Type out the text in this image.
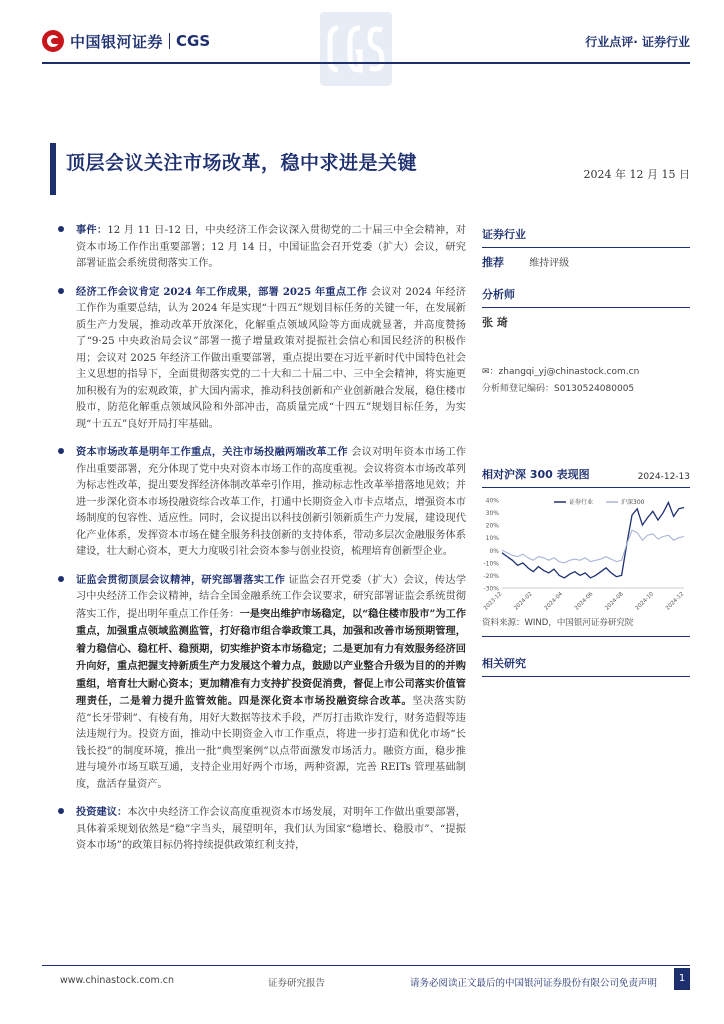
中国银河证券 CGS	行业点评· 证券行业
顶层会议关注市场改革，稳中求进是关键
2024 年 12 月 15 日
事件：12 月 11 日-12 日，中央经济工作会议深入贯彻党的二十届三中全会精神，对资本市场工作作出重要部署；12 月 14 日，中国证监会召开党委（扩大）会议，研究部署证监会系统贯彻落实工作。
经济工作会议肯定 2024 年工作成果，部署 2025 年重点工作 会议对 2024 年经济工作作为重要总结，认为 2024 年是实现“十四五”规划目标任务的关键一年，在发展新质生产力发展，推动改革开放深化，化解重点领域风险等方面成就显著，并高度赞扬了“9·25 中央政治局会议”部署一揽子增量政策对提振社会信心和国民经济的积极作用；会议对 2025 年经济工作做出重要部署，重点提出要在习近平新时代中国特色社会主义思想的指导下，全面贯彻落实党的二十大和二十届二中、三中全会精神，将实施更加积极有为的宏观政策，扩大国内需求，推动科技创新和产业创新融合发展，稳住楼市股市，防范化解重点领域风险和外部冲击，高质量完成“十四五”规划目标任务，为实现“十五五”良好开局打牢基础。
资本市场改革是明年工作重点，关注市场投融两端改革工作 会议对明年资本市场工作作出重要部署，充分体现了党中央对资本市场工作的高度重视。会议将资本市场改革列为标志性改革，提出要发挥经济体制改革牵引作用，推动标志性改革举措落地见效；并进一步深化资本市场投融资综合改革工作，打通中长期资金入市卡点堵点，增强资本市场制度的包容性、适应性。同时，会议提出以科技创新引领新质生产力发展，建设现代化产业体系，发挥资本市场在健全服务科技创新的支持体系，带动多层次金融服务体系建设，壮大耐心资本，更大力度吸引社会资本参与创业投资，梳理培育创新型企业。
证监会贯彻顶层会议精神，研究部署落实工作 证监会召开党委（扩大）会议，传达学习中央经济工作会议精神，结合全国金融系统工作会议要求，研究部署证监会系统贯彻落实工作，提出明年重点工作任务：一是突出维护市场稳定，以“稳住楼市股市”为工作重点，加强重点领域监测监管，打好稳市组合拳政策工具，加强和改善市场预期管理，着力稳信心、稳杠杆、稳预期，切实维护资本市场稳定；二是更加有力有效服务经济回升向好，重点把握支持新质生产力发展这个着力点，鼓励以产业整合升级为目的的并购重组，培育壮大耐心资本；更加精准有力支持扩投资促消费，督促上市公司落实价值管理责任，二是着力提升监管效能。四是深化资本市场投融资综合改革。坚决落实防范“长牙带刺”、有棱有角，用好大数据等技术手段，严厉打击欺诈发行，财务造假等违法违规行为。投资方面，推动中长期资金入市工作重点，将进一步打造和优化市场“长钱长投”的制度环境，推出一批“典型案例”以点带面激发市场活力。融资方面，稳步推进与境外市场互联互通，支持企业用好两个市场，两种资源，完善 REITs 管理基础制度，盘活存量资产。
投资建议：本次中央经济工作会议高度重视资本市场发展，对明年工作做出重要部署，具体着采规划依然是“稳”字当头，展望明年，我们认为国家“稳增长、稳股市”、“提振资本市场”的政策目标仍将持续提供政策红利支持，
证券行业
推荐	维持评级
分析师
张 琦
✉：zhangqi_yj@chinastock.com.cn
分析师登记编码：S0130524080005
相对沪深 300 表现图	2024-12-13
40%
30%
20%
10%
0%
-10%
-20%
-30%
2023-12 2024-02 2024-04 2024-06 2024-08 2024-10 2024-12
证券行业	沪深300
资料来源：WIND，中国银河证券研究院
相关研究
www.chinastock.com.cn	证券研究报告	请务必阅读正文最后的中国银河证券股份有限公司免责声明	1
